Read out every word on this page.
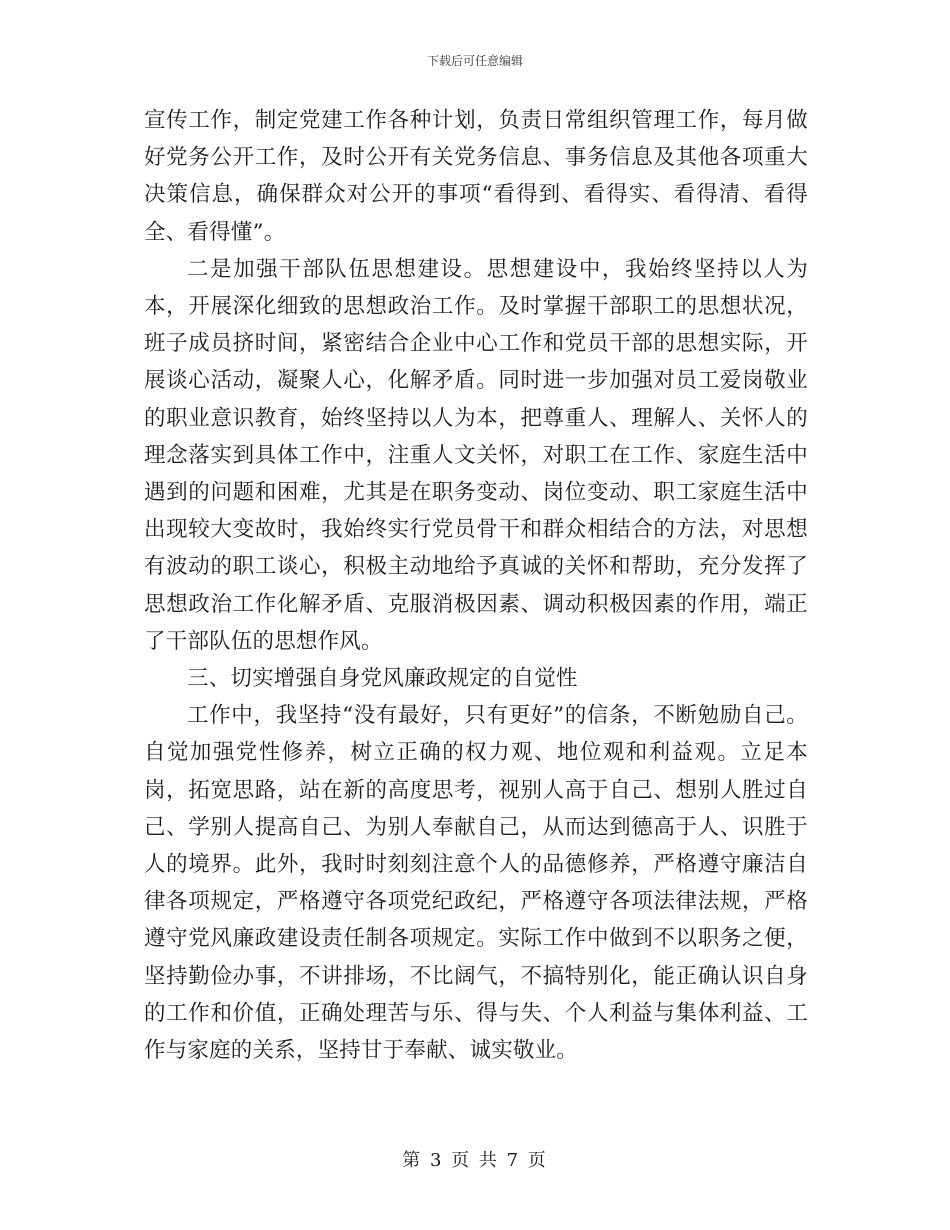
下载后可任意编辑

宣传工作，制定党建工作各种计划，负责日常组织管理工作，每月做好党务公开工作，及时公开有关党务信息、事务信息及其他各项重大决策信息，确保群众对公开的事项“看得到、看得实、看得清、看得全、看得懂”。

二是加强干部队伍思想建设。思想建设中，我始终坚持以人为本，开展深化细致的思想政治工作。及时掌握干部职工的思想状况，班子成员挤时间，紧密结合企业中心工作和党员干部的思想实际，开展谈心活动，凝聚人心，化解矛盾。同时进一步加强对员工爱岗敬业的职业意识教育，始终坚持以人为本，把尊重人、理解人、关怀人的理念落实到具体工作中，注重人文关怀，对职工在工作、家庭生活中遇到的问题和困难，尤其是在职务变动、岗位变动、职工家庭生活中出现较大变故时，我始终实行党员骨干和群众相结合的方法，对思想有波动的职工谈心，积极主动地给予真诚的关怀和帮助，充分发挥了思想政治工作化解矛盾、克服消极因素、调动积极因素的作用，端正了干部队伍的思想作风。

三、切实增强自身党风廉政规定的自觉性

工作中，我坚持“没有最好，只有更好”的信条，不断勉励自己。自觉加强党性修养，树立正确的权力观、地位观和利益观。立足本岗，拓宽思路，站在新的高度思考，视别人高于自己、想别人胜过自己、学别人提高自己、为别人奉献自己，从而达到德高于人、识胜于人的境界。此外，我时时刻刻注意个人的品德修养，严格遵守廉洁自律各项规定，严格遵守各项党纪政纪，严格遵守各项法律法规，严格遵守党风廉政建设责任制各项规定。实际工作中做到不以职务之便，坚持勤俭办事，不讲排场，不比阔气，不搞特别化，能正确认识自身的工作和价值，正确处理苦与乐、得与失、个人利益与集体利益、工作与家庭的关系，坚持甘于奉献、诚实敬业。

第 3 页 共 7 页
